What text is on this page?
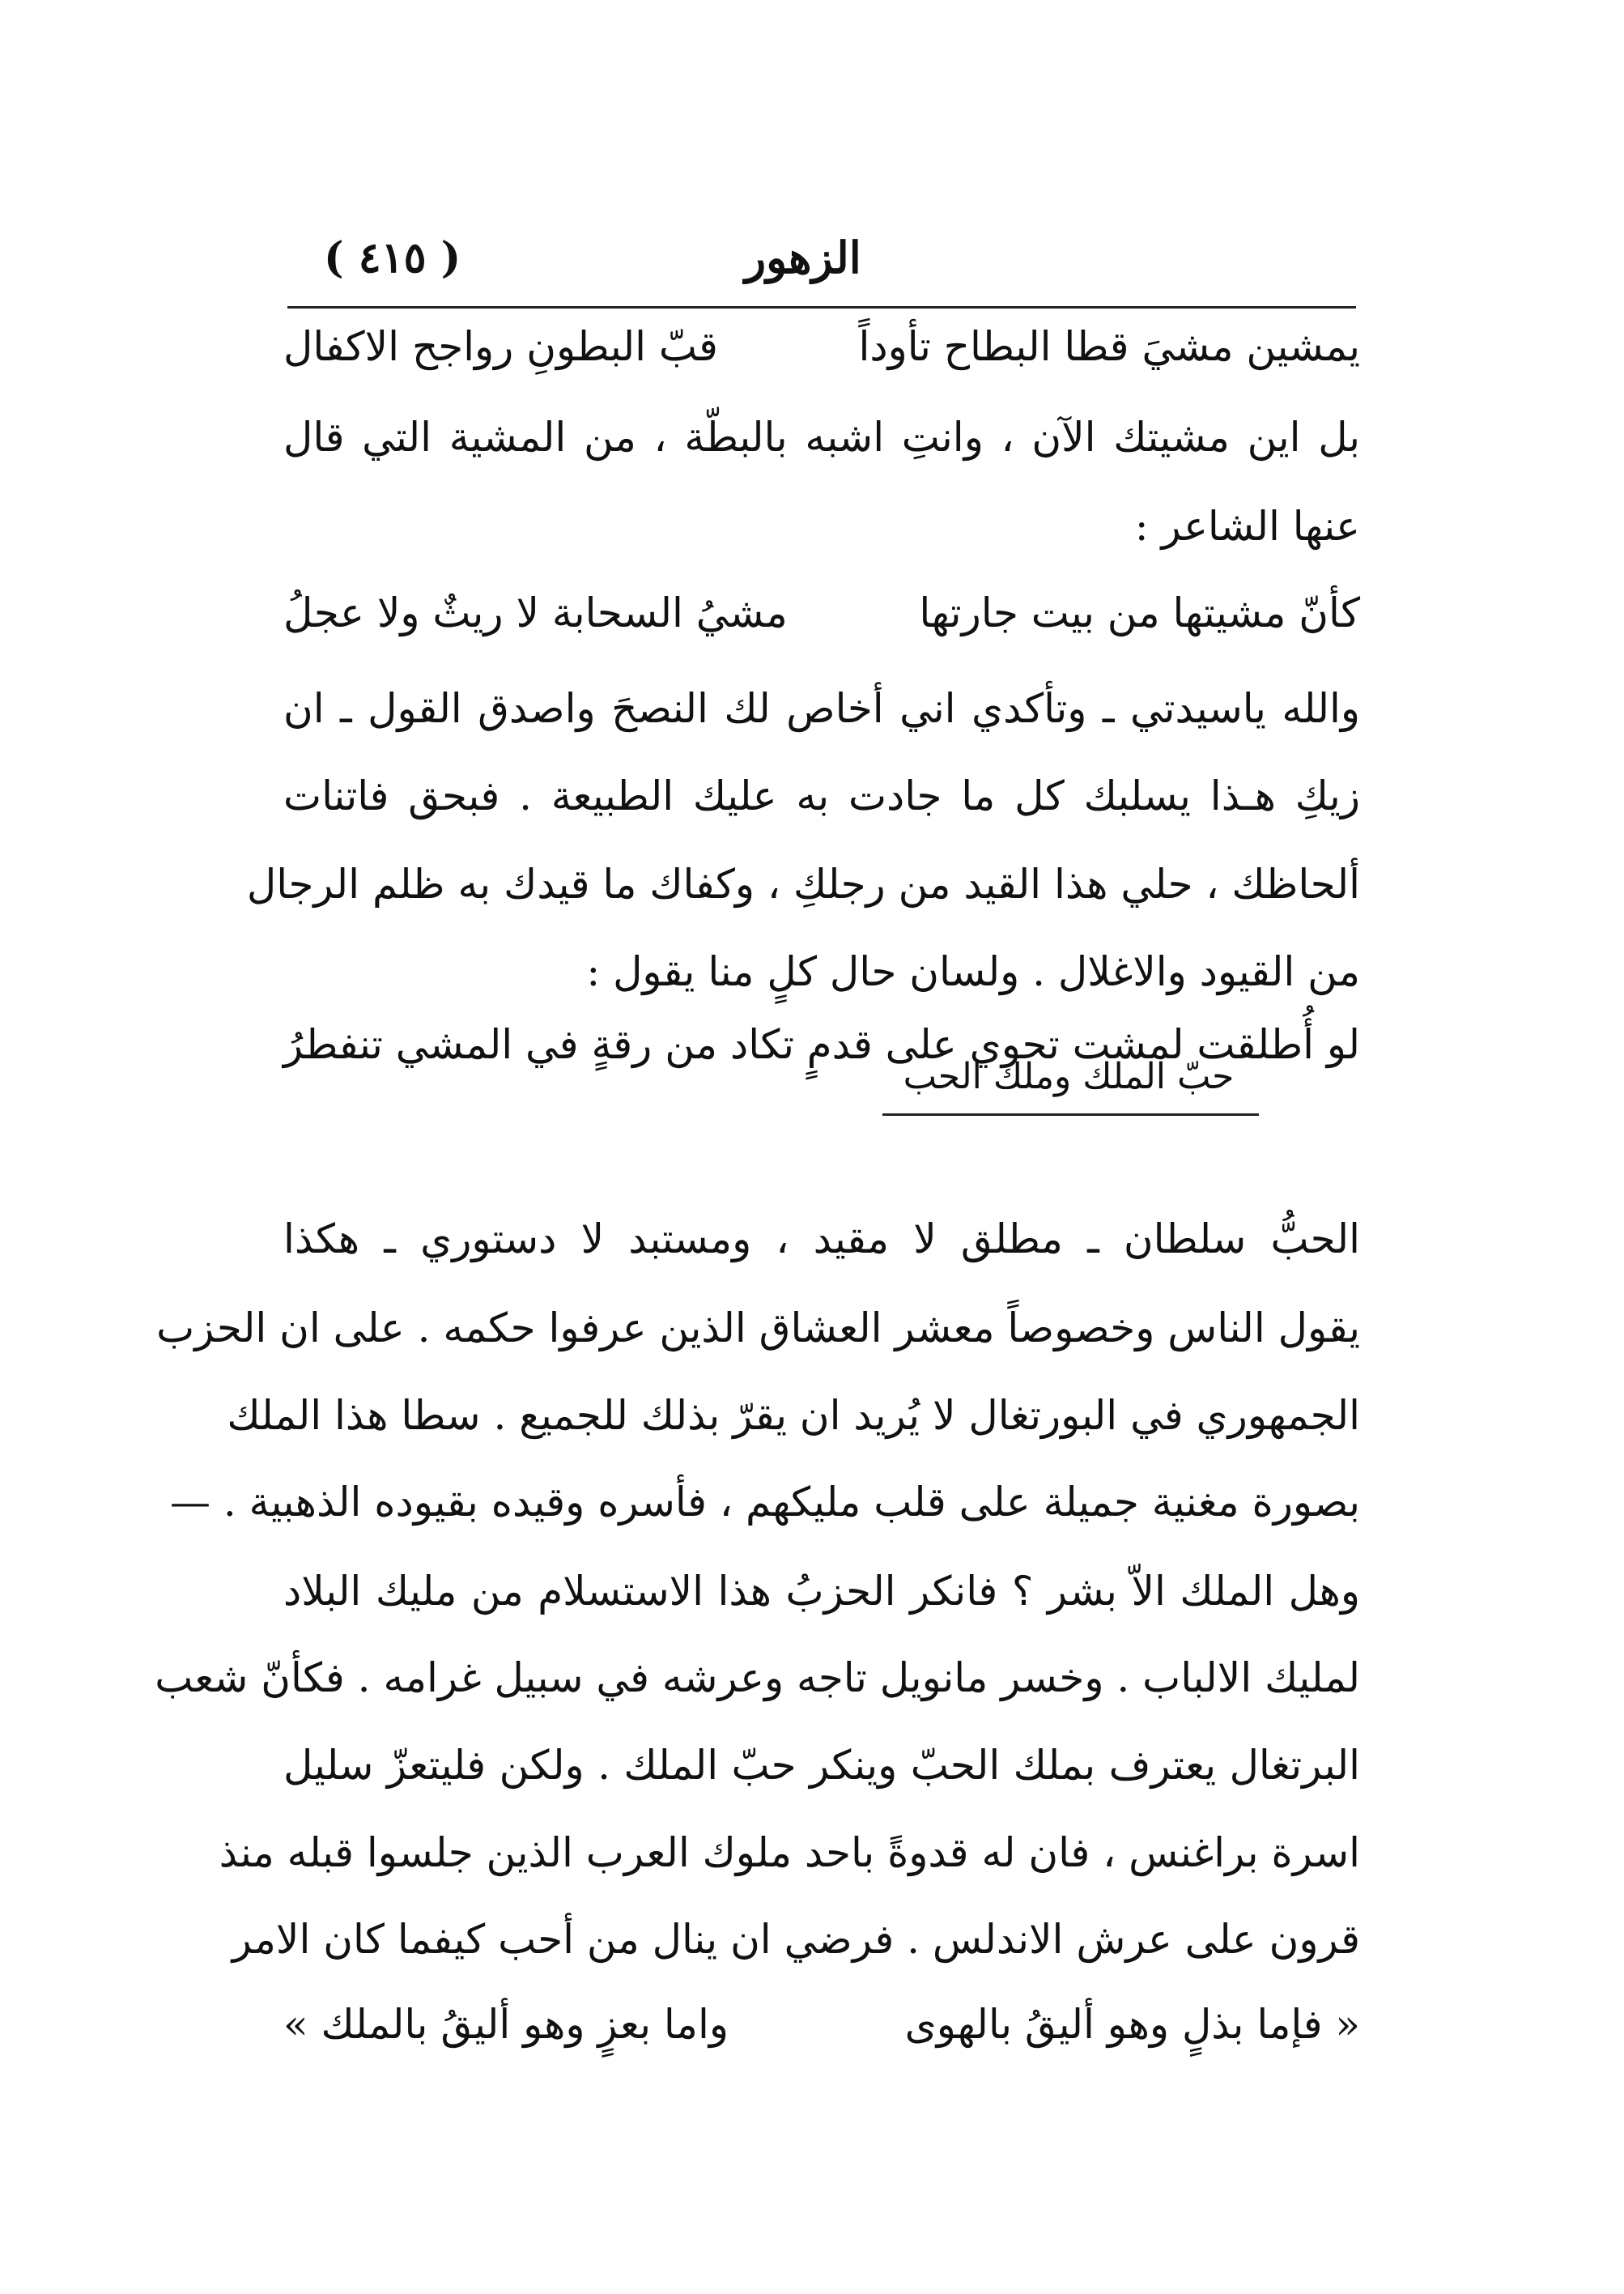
( ٤١٥ )	الزهور
يمشين مشيَ قطا البطاح تأوداً
قبّ البطونِ رواجح الاكفال
بل اين مشيتك الآن ، وانتِ اشبه بالبطّة ، من المشية التي قال
عنها الشاعر :
كأنّ مشيتها من بيت جارتها
مشيُ السحابة لا ريثٌ ولا عجلُ
والله ياسيدتي ـ وتأكدي اني أخاص لك النصحَ واصدق القول ـ ان
زيكِ هـذا يسلبك كل ما جادت به عليك الطبيعة . فبحق فاتنات
ألحاظك ، حلي هذا القيد من رجلكِ ، وكفاك ما قيدك به ظلم الرجال
من القيود والاغلال . ولسان حال كلٍ منا يقول :
لو أُطلقت لمشت تحوي على قدمٍ
تكاد من رقةٍ في المشي تنفطرُ
حبّ الملك وملك الحب
الحبُّ سلطان ـ مطلق لا مقيد ، ومستبد لا دستوري ـ هكذا
يقول الناس وخصوصاً معشر العشاق الذين عرفوا حكمه . على ان الحزب
الجمهوري في البورتغال لا يُريد ان يقرّ بذلك للجميع . سطا هذا الملك
بصورة مغنية جميلة على قلب مليكهم ، فأسره وقيده بقيوده الذهبية . —
وهل الملك الاّ بشر ؟ فانكر الحزبُ هذا الاستسلام من مليك البلاد
لمليك الالباب . وخسر مانويل تاجه وعرشه في سبيل غرامه . فكأنّ شعب
البرتغال يعترف بملك الحبّ وينكر حبّ الملك . ولكن فليتعزّ سليل
اسرة براغنس ، فان له قدوةً باحد ملوك العرب الذين جلسوا قبله منذ
قرون على عرش الاندلس . فرضي ان ينال من أحب كيفما كان الامر
« فإما بذلٍ وهو أليقُ بالهوى
واما بعزٍ وهو أليقُ بالملك »
